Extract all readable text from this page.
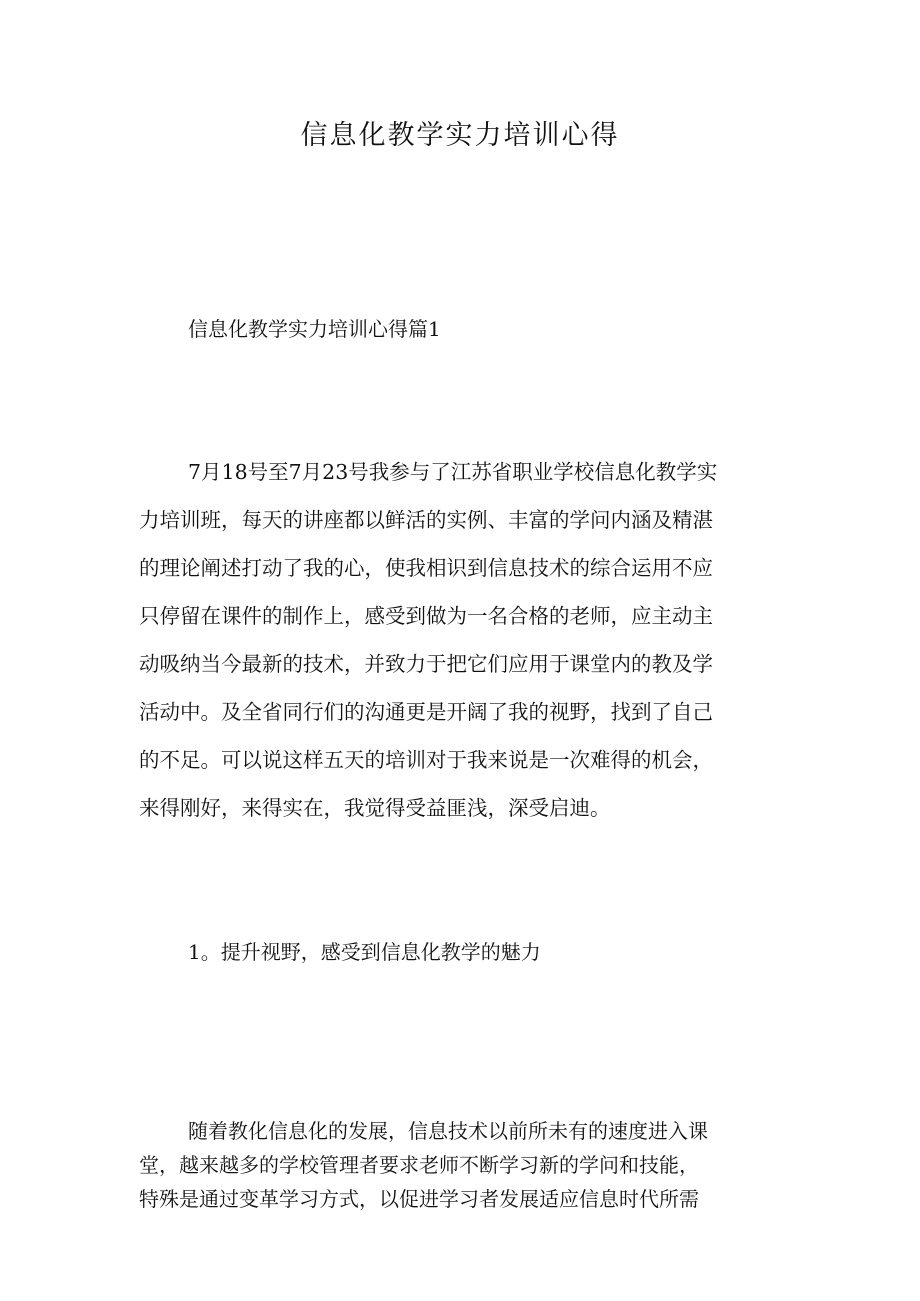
信息化教学实力培训心得
信息化教学实力培训心得篇1
7月18号至7月23号我参与了江苏省职业学校信息化教学实
力培训班，每天的讲座都以鲜活的实例、丰富的学问内涵及精湛
的理论阐述打动了我的心，使我相识到信息技术的综合运用不应
只停留在课件的制作上，感受到做为一名合格的老师，应主动主
动吸纳当今最新的技术，并致力于把它们应用于课堂内的教及学
活动中。及全省同行们的沟通更是开阔了我的视野，找到了自己
的不足。可以说这样五天的培训对于我来说是一次难得的机会，
来得刚好，来得实在，我觉得受益匪浅，深受启迪。
1。提升视野，感受到信息化教学的魅力
随着教化信息化的发展，信息技术以前所未有的速度进入课
堂，越来越多的学校管理者要求老师不断学习新的学问和技能，
特殊是通过变革学习方式，以促进学习者发展适应信息时代所需
